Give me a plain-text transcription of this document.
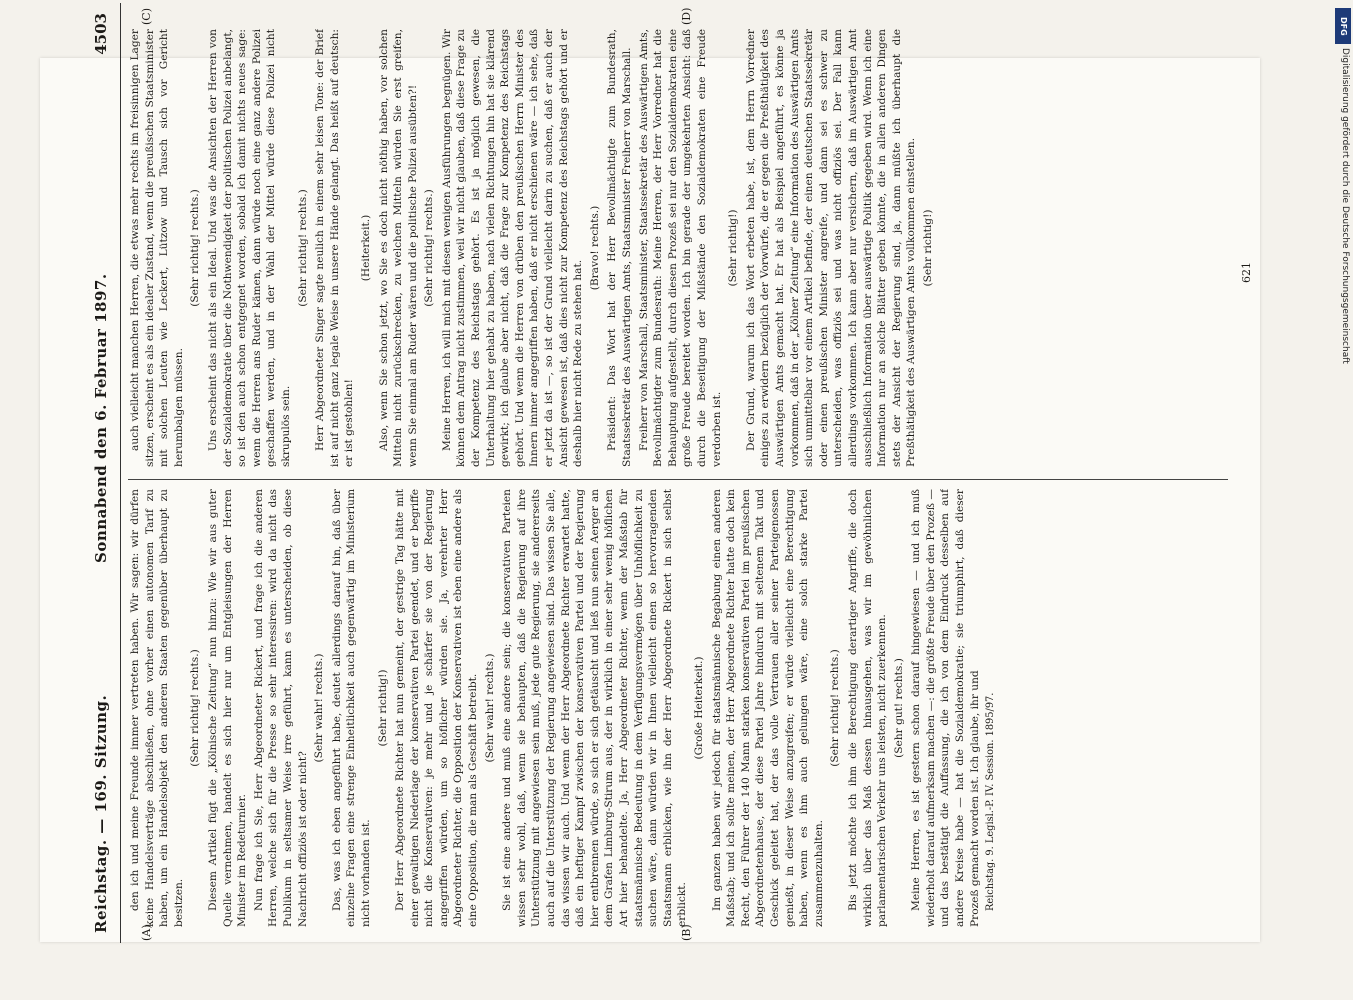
Reichstag. — 169. Sitzung.
Sonnabend den 6. Februar 1897.
4503

den ich und meine Freunde immer vertreten haben. Wir sagen: wir dürfen keine Handelsverträge abschließen, ohne vorher einen autonomen Tarif zu haben, um ein Handelsobjekt den anderen Staaten gegenüber überhaupt zu besitzen.

(Sehr richtig! rechts.) Diesem Artikel fügt die „Kölnische Zeitung“ nun hinzu: Wie wir aus guter Quelle vernehmen, handelt es sich hier nur um Entgleisungen der Herren Minister im Redeturnier. Nun frage ich Sie, Herr Abgeordneter Rickert, und frage ich die anderen Herren, welche sich für die Presse so sehr interessiren: wird da nicht das Publikum in seltsamer Weise irre geführt, kann es unterscheiden, ob diese Nachricht offiziös ist oder nicht?

(Sehr wahr! rechts.) Das, was ich eben angeführt habe, deutet allerdings darauf hin, daß über einzelne Fragen eine strenge Einheitlichkeit auch gegenwärtig im Ministerium nicht vorhanden ist.

(Sehr richtig!) Der Herr Abgeordnete Richter hat nun gemeint, der gestrige Tag hätte mit einer gewaltigen Niederlage der konservativen Partei geendet, und er begriffe nicht die Konservativen: je mehr und je schärfer sie von der Regierung angegriffen würden, um so höflicher würden sie. Ja, verehrter Herr Abgeordneter Richter, die Opposition der Konservativen ist eben eine andere als eine Opposition, die man als Geschäft betreibt. (Sehr wahr! rechts.) Sie ist eine andere und muß eine andere sein; die konservativen Parteien wissen sehr wohl, daß, wenn sie behaupten, daß die Regierung auf ihre Unterstützung mit angewiesen sein muß, jede gute Regierung, sie andererseits auch auf die Unterstützung der Regierung angewiesen sind. Das wissen Sie alle, das wissen wir auch. Und wenn der Herr Abgeordnete Richter erwartet hatte, daß ein heftiger Kampf zwischen der konservativen Partei und der Regierung hier entbrennen würde, so sich er sich getäuscht und ließ nun seinen Aerger an dem Grafen Limburg-Stirum aus, der in wirklich in einer sehr wenig höflichen Art hier behandelte. Ja, Herr Abgeordneter Richter, wenn der Maßstab für staatsmännische Bedeutung in dem Verfügungsvermögen über Unhöflichkeit zu suchen wäre, dann würden wir in Ihnen vielleicht einen so hervorragenden Staatsmann erblicken, wie ihn der Herr Abgeordnete Rickert in sich selbst erblickt.

(Große Heiterkeit.) Im ganzen haben wir jedoch für staatsmännische Begabung einen anderen Maßstab; und ich sollte meinen, der Herr Abgeordnete Richter hatte doch kein Recht, den Führer der 140 Mann starken konservativen Partei im preußischen Abgeordnetenhause, der diese Partei Jahre hindurch mit seltenem Takt und Geschick geleitet hat, der das volle Vertrauen aller seiner Parteigenossen genießt, in dieser Weise anzugreifen; er würde vielleicht eine Berechtigung haben, wenn es ihm auch gelungen wäre, eine solch starke Partei zusammenzuhalten.

(Sehr richtig! rechts.) Bis jetzt möchte ich ihm die Berechtigung derartiger Angriffe, die doch wirklich über das Maß dessen hinausgehen, was wir im gewöhnlichen parlamentarischen Verkehr uns leisten, nicht zuerkennen. (Sehr gut! rechts.) Meine Herren, es ist gestern schon darauf hingewiesen — und ich muß wiederholt darauf aufmerksam machen —: die größte Freude über den Prozeß — und das bestätigt die Auffassung, die ich von dem Eindruck desselben auf andere Kreise habe — hat die Sozialdemokratie; sie triumphirt, daß dieser Prozeß gemacht worden ist. Ich glaube, ihr und Reichstag. 9. Legisl.-P. IV. Session. 1895/97.

auch vielleicht manchen Herren, die etwas mehr rechts im freisinnigen Lager sitzen, erscheint es als ein idealer Zustand, wenn die preußischen Staatsminister mit solchen Leuten wie Leckert, Lützow und Tausch sich vor Gericht herumbalgen müssen.

(Sehr richtig! rechts.) Uns erscheint das nicht als ein Ideal. Und was die Ansichten der Herren von der Sozialdemokratie über die Nothwendigkeit der politischen Polizei anbelangt, so ist den auch schon entgegnet worden, sobald ich damit nichts neues sage: wenn die Herren ans Ruder kämen, dann würde noch eine ganz andere Polizei geschaffen werden, und in der Wahl der Mittel würde diese Polizei nicht skrupulös sein.

(Sehr richtig! rechts.) Herr Abgeordneter Singer sagte neulich in einem sehr leisen Tone: der Brief ist auf nicht ganz legale Weise in unsere Hände gelangt. Das heißt auf deutsch: er ist gestohlen!

(Heiterkeit.) Also, wenn Sie schon jetzt, wo Sie es doch nicht nöthig haben, vor solchen Mitteln nicht zurückschrecken, zu welchen Mitteln würden Sie erst greifen, wenn Sie einmal am Ruder wären und die politische Polizei ausübten?! (Sehr richtig! rechts.) Meine Herren, ich will mich mit diesen wenigen Ausführungen begnügen. Wir können dem Antrag nicht zustimmen, weil wir nicht glauben, daß diese Frage zu der Kompetenz des Reichstags gehört. Es ist ja möglich gewesen, die Unterhaltung hier gehabt zu haben, nach vielen Richtungen hin hat sie klärend gewirkt; ich glaube aber nicht, daß die Frage zur Kompetenz des Reichstags gehört. Und wenn die Herren von drüben den preußischen Herrn Minister des Innern immer angegriffen haben, daß er nicht erschienen wäre — ich sehe, daß er jetzt da ist —, so ist der Grund vielleicht darin zu suchen, daß er auch der Ansicht gewesen ist, daß dies nicht zur Kompetenz des Reichstags gehört und er deshalb hier nicht Rede zu stehen hat.

(Bravo! rechts.) Präsident: Das Wort hat der Herr Bevollmächtigte zum Bundesrath, Staatssekretär des Auswärtigen Amts, Staatsminister Freiherr von Marschall. Freiherr von Marschall, Staatsminister, Staatssekretär des Auswärtigen Amts, Bevollmächtigter zum Bundesrath: Meine Herren, der Herr Vorredner hat die Behauptung aufgestellt, durch diesen Prozeß sei nur den Sozialdemokraten eine große Freude bereitet worden. Ich bin gerade der umgekehrten Ansicht: daß durch die Beseitigung der Mißstände den Sozialdemokraten eine Freude verdorben ist.

(Sehr richtig!) Der Grund, warum ich das Wort erbeten habe, ist, dem Herrn Vorredner einiges zu erwidern bezüglich der Vorwürfe, die er gegen die Preßthätigkeit des Auswärtigen Amts gemacht hat. Er hat als Beispiel angeführt, es könne ja vorkommen, daß in der „Kölner Zeitung“ eine Information des Auswärtigen Amts sich unmittelbar vor einem Artikel befinde, der einen deutschen Staatssekretär oder einen preußischen Minister angreife, und dann sei es schwer zu unterscheiden, was offiziös sei und was nicht offiziös sei. Der Fall kann allerdings vorkommen. Ich kann aber nur versichern, daß im Auswärtigen Amt ausschließlich Information über auswärtige Politik gegeben wird. Wenn ich eine Information nur an solche Blätter geben könnte, die in allen anderen Dingen stets der Ansicht der Regierung sind, ja, dann müßte ich überhaupt die Preßthätigkeit des Auswärtigen Amts vollkommen einstellen. (Sehr richtig!)

(A)	(B)
(C)	(D)
621
DFG
Digitalisierung gefördert durch die Deutsche Forschungsgemeinschaft
